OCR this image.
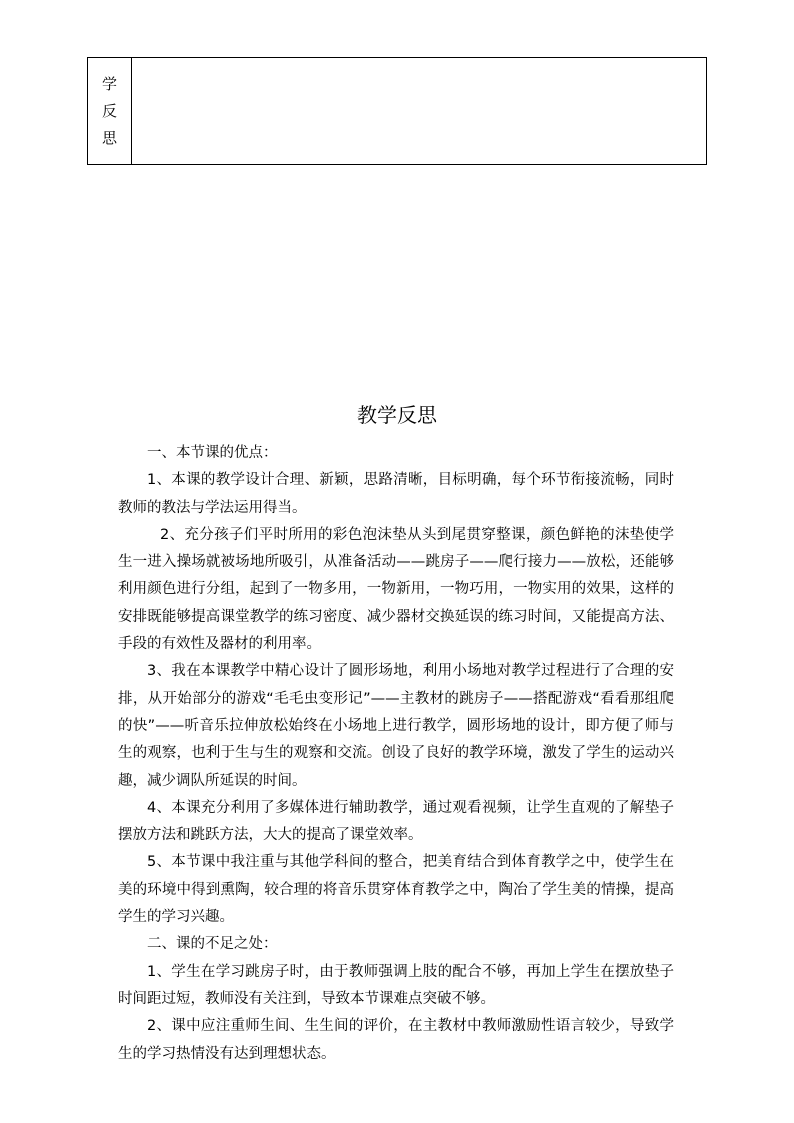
学
反
思

教学反思

一、本节课的优点：

1、本课的教学设计合理、新颖，思路清晰，目标明确，每个环节衔接流畅，同时教师的教法与学法运用得当。

2、充分孩子们平时所用的彩色泡沫垫从头到尾贯穿整课，颜色鲜艳的沫垫使学生一进入操场就被场地所吸引，从准备活动——跳房子——爬行接力——放松，还能够利用颜色进行分组，起到了一物多用，一物新用，一物巧用，一物实用的效果，这样的安排既能够提高课堂教学的练习密度、减少器材交换延误的练习时间，又能提高方法、手段的有效性及器材的利用率。

3、我在本课教学中精心设计了圆形场地，利用小场地对教学过程进行了合理的安排，从开始部分的游戏“毛毛虫变形记”——主教材的跳房子——搭配游戏“看看那组爬的快”——听音乐拉伸放松始终在小场地上进行教学，圆形场地的设计，即方便了师与生的观察，也利于生与生的观察和交流。创设了良好的教学环境，激发了学生的运动兴趣，减少调队所延误的时间。

4、本课充分利用了多媒体进行辅助教学，通过观看视频，让学生直观的了解垫子摆放方法和跳跃方法，大大的提高了课堂效率。

5、本节课中我注重与其他学科间的整合，把美育结合到体育教学之中，使学生在美的环境中得到熏陶，较合理的将音乐贯穿体育教学之中，陶冶了学生美的情操，提高学生的学习兴趣。

二、课的不足之处：

1、学生在学习跳房子时，由于教师强调上肢的配合不够，再加上学生在摆放垫子时间距过短，教师没有关注到，导致本节课难点突破不够。

2、课中应注重师生间、生生间的评价，在主教材中教师激励性语言较少，导致学生的学习热情没有达到理想状态。
